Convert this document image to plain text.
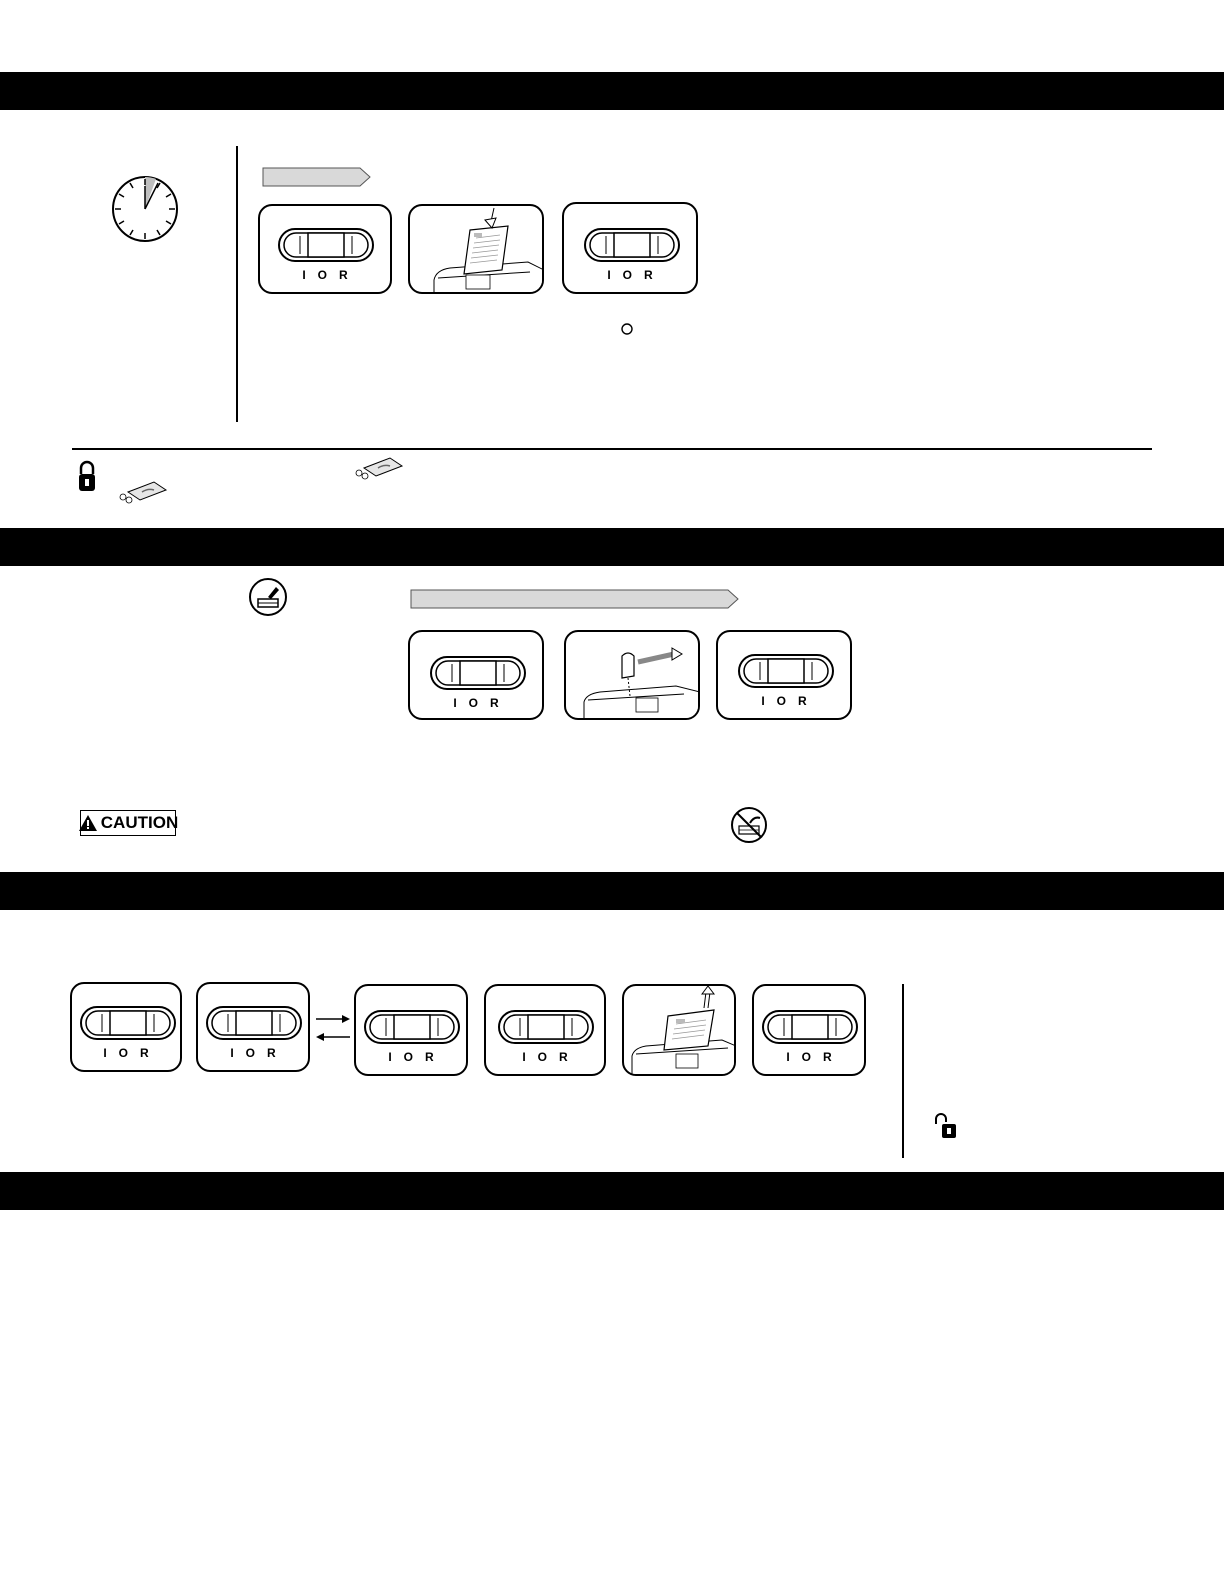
IOR	IOR
IOR	IOR
CAUTION
IOR	IOR	IOR	IOR	IOR
